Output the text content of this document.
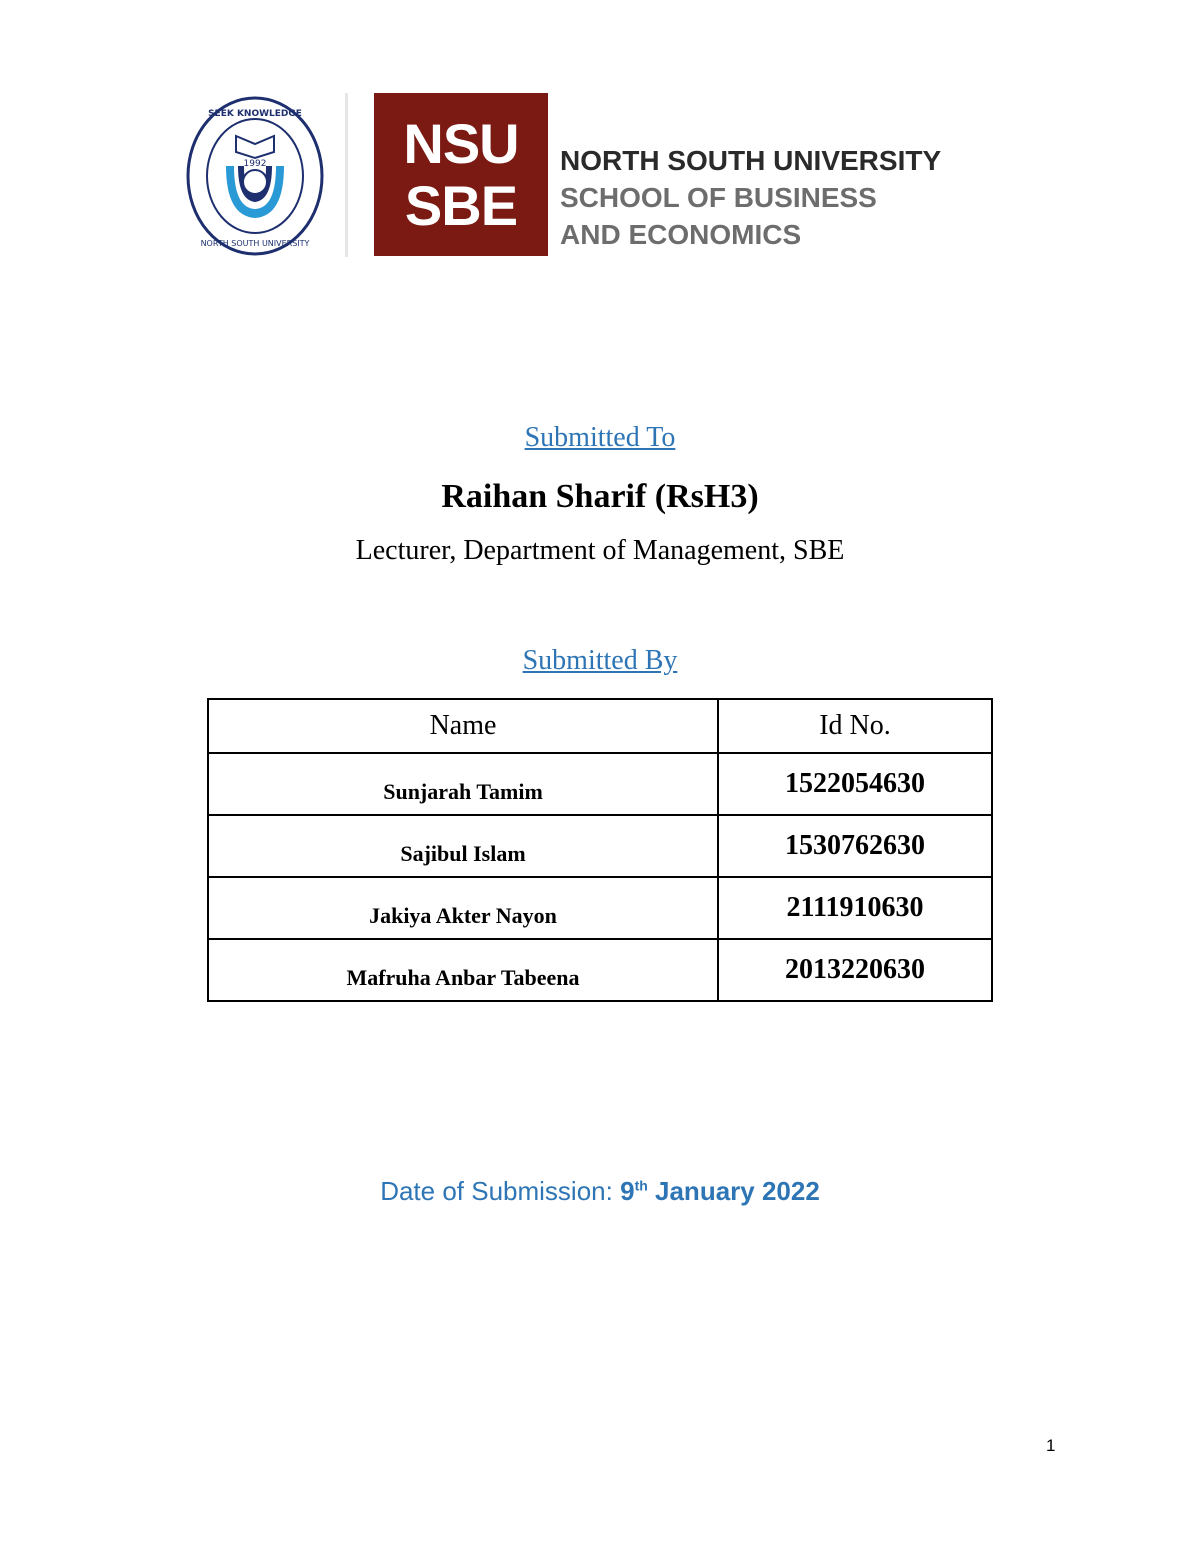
1992
SEEK KNOWLEDGE
NORTH SOUTH UNIVERSITY
NSU
SBE
NORTH SOUTH UNIVERSITY
SCHOOL OF BUSINESS
AND ECONOMICS
Submitted To
Raihan Sharif (RsH3)
Lecturer, Department of Management, SBE
Submitted By
Name	Id No.
Sunjarah Tamim	1522054630
Sajibul Islam	1530762630
Jakiya Akter Nayon	2111910630
Mafruha Anbar Tabeena	2013220630
Date of Submission: 9th January 2022
1
